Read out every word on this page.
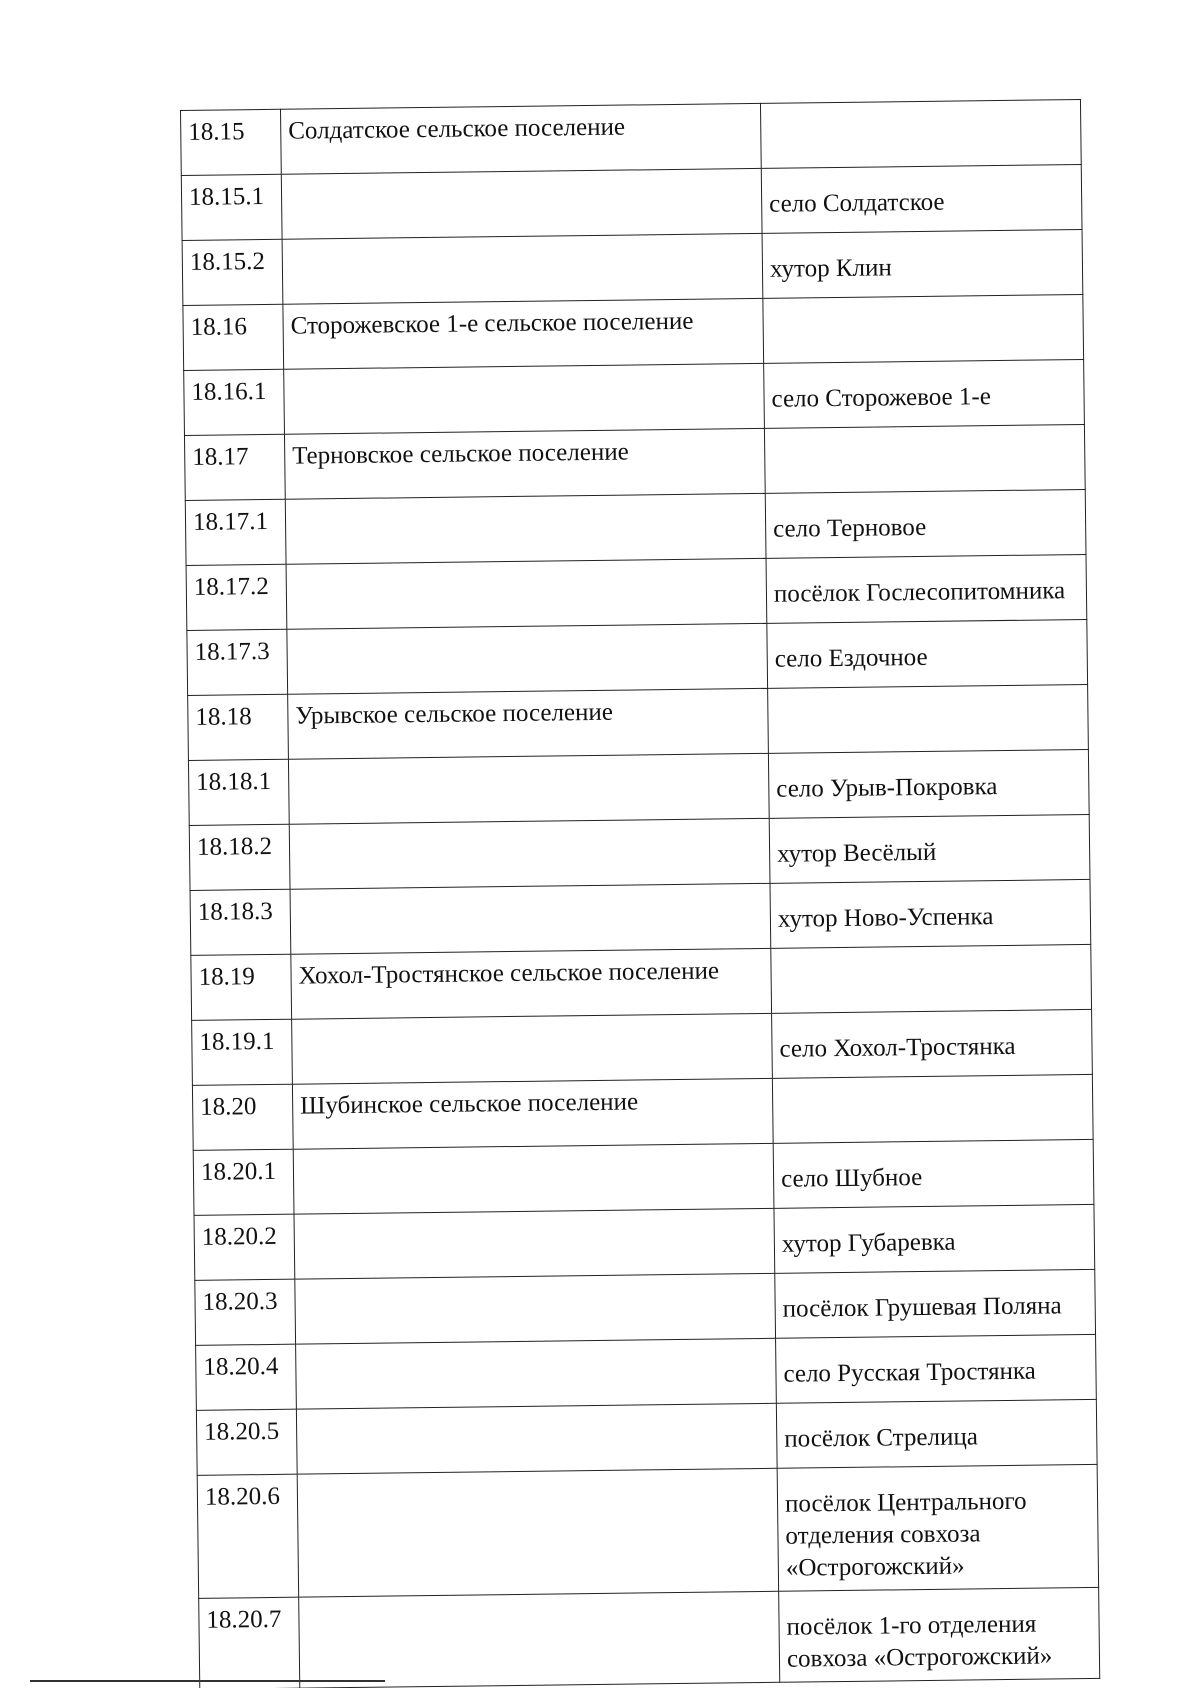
18.15	Солдатское сельское поселение	
18.15.1		село Солдатское
18.15.2		хутор Клин
18.16	Сторожевское 1-е сельское поселение	
18.16.1		село Сторожевое 1-е
18.17	Терновское сельское поселение	
18.17.1		село Терновое
18.17.2		посёлок Гослесопитомника
18.17.3		село Ездочное
18.18	Урывское сельское поселение	
18.18.1		село Урыв-Покровка
18.18.2		хутор Весёлый
18.18.3		хутор Ново-Успенка
18.19	Хохол-Тростянское сельское поселение	
18.19.1		село Хохол-Тростянка
18.20	Шубинское сельское поселение	
18.20.1		село Шубное
18.20.2		хутор Губаревка
18.20.3		посёлок Грушевая Поляна
18.20.4		село Русская Тростянка
18.20.5		посёлок Стрелица
18.20.6		посёлок Центрального отделения совхоза «Острогожский»
18.20.7		посёлок 1-го отделения совхоза «Острогожский»
